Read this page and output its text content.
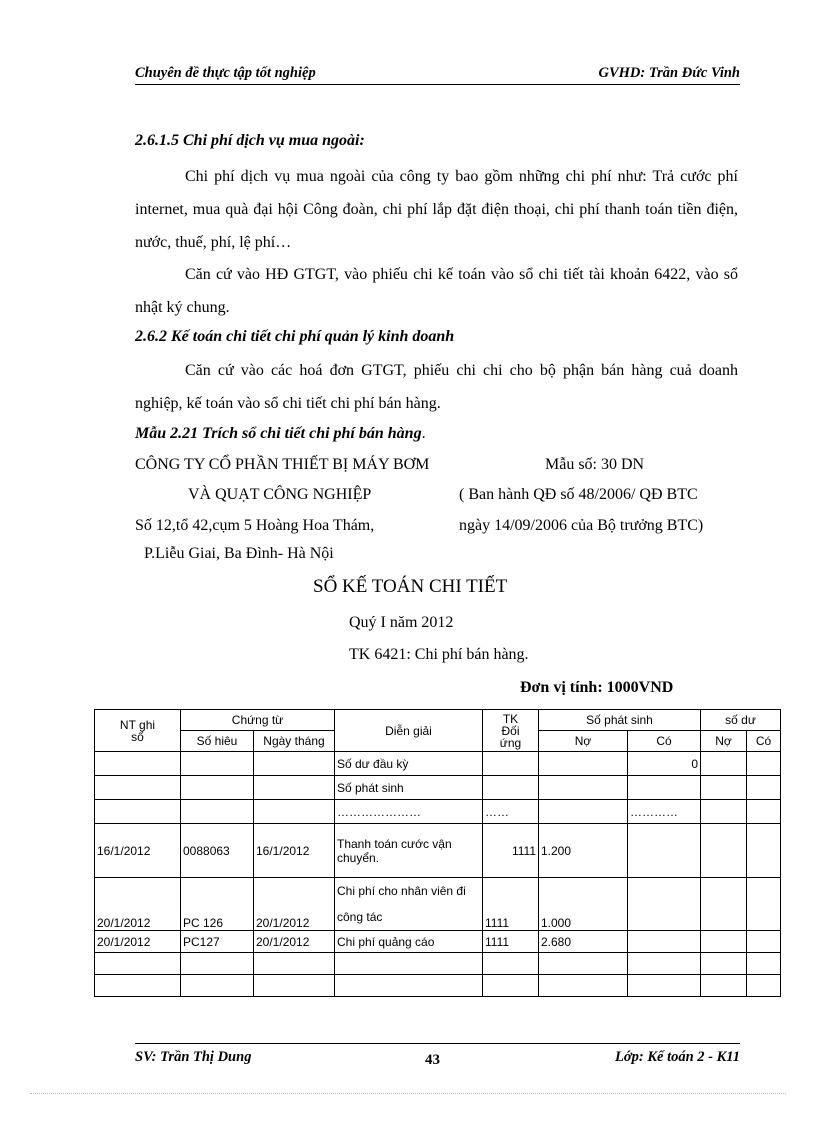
Chuyên đề thực tập tốt nghiệp	GVHD: Trần Đức Vinh
2.6.1.5 Chi phí dịch vụ mua ngoài:
Chi phí dịch vụ mua ngoài của công ty bao gồm những chi phí như: Trả cước phí internet, mua quà đại hội Công đoàn, chi phí lắp đặt điện thoại, chi phí thanh toán tiền điện, nước, thuế, phí, lệ phí…
Căn cứ vào HĐ GTGT, vào phiếu chi kế toán vào sổ chi tiết tài khoản 6422, vào sổ nhật ký chung.
2.6.2 Kế toán chi tiết chi phí quản lý kinh doanh
Căn cứ vào các hoá đơn GTGT, phiếu chi chi cho bộ phận bán hàng cuả doanh nghiệp, kế toán vào sổ chi tiết chi phí bán hàng.
Mẫu 2.21 Trích sổ chi tiết chi phí bán hàng.
CÔNG TY CỔ PHẦN THIẾT BỊ MÁY BƠM
VÀ QUẠT CÔNG NGHIỆP
Số 12,tổ 42,cụm 5 Hoàng Hoa Thám,
P.Liễu Giai, Ba Đình- Hà Nội
Mẫu số: 30 DN
( Ban hành QĐ số 48/2006/ QĐ BTC
ngày 14/09/2006 của Bộ trưởng BTC)
SỔ KẾ TOÁN CHI TIẾT
Quý I năm 2012
TK 6421: Chi phí bán hàng.
Đơn vị tính: 1000VND
NT ghi sổ	Chứng từ		Diễn giải	TK Đối ứng	Số phát sinh		số dư	
	Số hiêu	Ngày tháng			Nợ	Có	Nợ	Có
			Số dư đầu kỳ			0		
			Số phát sinh					
			…………………	……		…………		
16/1/2012	0088063	16/1/2012	Thanh toán cước vận chuyển.	1111	1.200			
20/1/2012	PC 126	20/1/2012	Chi phí cho nhân viên đi
công tác	1111	1.000			
20/1/2012	PC127	20/1/2012	Chi phí quảng cáo	1111	2.680			

SV: Trần Thị Dung	43	Lớp: Kế toán 2 - K11
